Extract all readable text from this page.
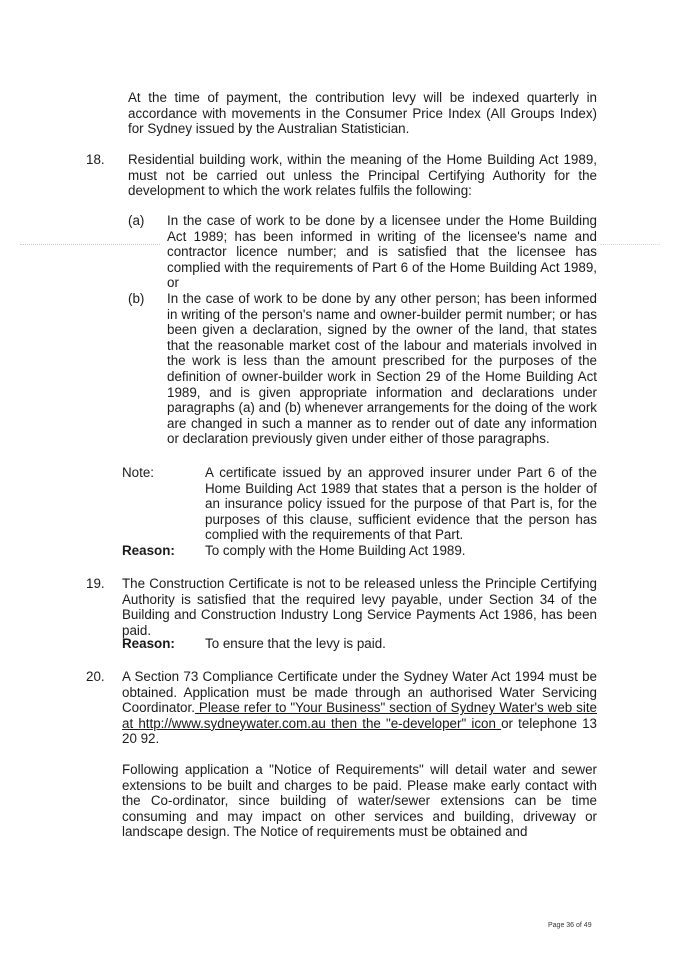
At the time of payment, the contribution levy will be indexed quarterly in accordance with movements in the Consumer Price Index (All Groups Index) for Sydney issued by the Australian Statistician.

18. Residential building work, within the meaning of the Home Building Act 1989, must not be carried out unless the Principal Certifying Authority for the development to which the work relates fulfils the following:

(a) In the case of work to be done by a licensee under the Home Building Act 1989; has been informed in writing of the licensee's name and contractor licence number; and is satisfied that the licensee has complied with the requirements of Part 6 of the Home Building Act 1989, or

(b) In the case of work to be done by any other person; has been informed in writing of the person's name and owner-builder permit number; or has been given a declaration, signed by the owner of the land, that states that the reasonable market cost of the labour and materials involved in the work is less than the amount prescribed for the purposes of the definition of owner-builder work in Section 29 of the Home Building Act 1989, and is given appropriate information and declarations under paragraphs (a) and (b) whenever arrangements for the doing of the work are changed in such a manner as to render out of date any information or declaration previously given under either of those paragraphs.

Note:	A certificate issued by an approved insurer under Part 6 of the Home Building Act 1989 that states that a person is the holder of an insurance policy issued for the purpose of that Part is, for the purposes of this clause, sufficient evidence that the person has complied with the requirements of that Part.

Reason: To comply with the Home Building Act 1989.
19. The Construction Certificate is not to be released unless the Principle Certifying Authority is satisfied that the required levy payable, under Section 34 of the Building and Construction Industry Long Service Payments Act 1986, has been paid.

Reason: To ensure that the levy is paid.
20. A Section 73 Compliance Certificate under the Sydney Water Act 1994 must be obtained. Application must be made through an authorised Water Servicing Coordinator. Please refer to "Your Business" section of Sydney Water's web site at http://www.sydneywater.com.au then the "e-developer" icon or telephone 13 20 92.

Following application a "Notice of Requirements" will detail water and sewer extensions to be built and charges to be paid. Please make early contact with the Co-ordinator, since building of water/sewer extensions can be time consuming and may impact on other services and building, driveway or landscape design. The Notice of requirements must be obtained and

Page 36 of 49
